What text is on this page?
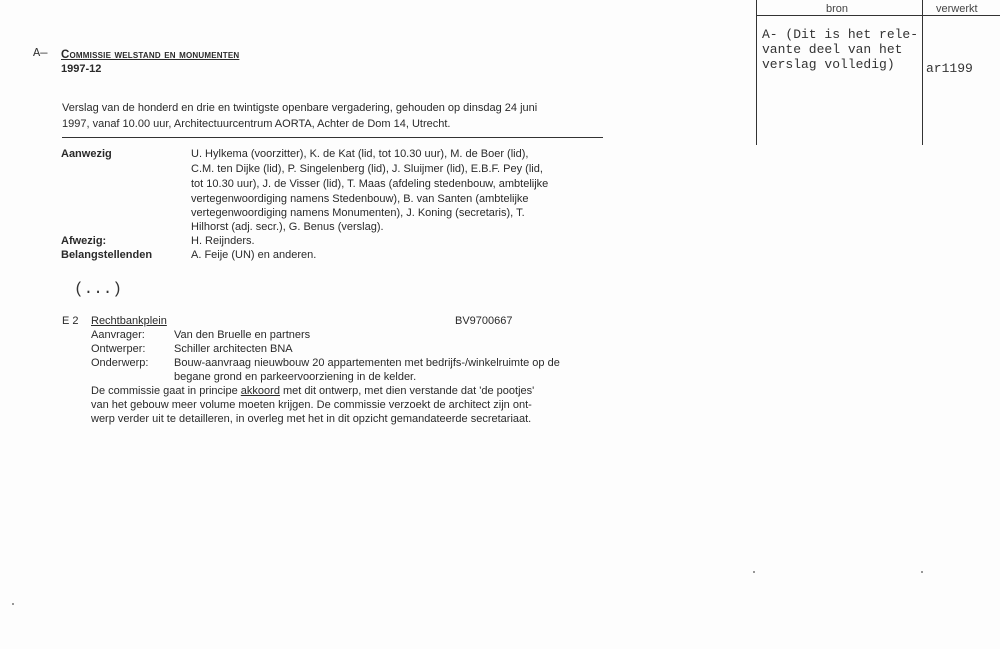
bron	verwerkt
A- (Dit is het rele-
vante deel van het
verslag volledig) ar1199
A— Commissie welstand en monumenten
1997-12
Verslag van de honderd en drie en twintigste openbare vergadering, gehouden op dinsdag 24 juni
1997, vanaf 10.00 uur, Architectuurcentrum AORTA, Achter de Dom 14, Utrecht.
Aanwezig	U. Hylkema (voorzitter), K. de Kat (lid, tot 10.30 uur), M. de Boer (lid),
C.M. ten Dijke (lid), P. Singelenberg (lid), J. Sluijmer (lid), E.B.F. Pey (lid,
tot 10.30 uur), J. de Visser (lid), T. Maas (afdeling stedenbouw, ambtelijke
vertegenwoordiging namens Stedenbouw), B. van Santen (ambtelijke
vertegenwoordiging namens Monumenten), J. Koning (secretaris), T.
Hilhorst (adj. secr.), G. Benus (verslag).
Afwezig:	H. Reijnders.
Belangstellenden	A. Feije (UN) en anderen.
(...)
E 2 Rechtbankplein	BV9700667
Aanvrager:	Van den Bruelle en partners
Ontwerper:	Schiller architecten BNA
Onderwerp: Bouw-aanvraag nieuwbouw 20 appartementen met bedrijfs-/winkelruimte op de
begane grond en parkeervoorziening in de kelder.
De commissie gaat in principe akkoord met dit ontwerp, met dien verstande dat 'de pootjes'
van het gebouw meer volume moeten krijgen. De commissie verzoekt de architect zijn ont-
werp verder uit te detailleren, in overleg met het in dit opzicht gemandateerde secretariaat.
